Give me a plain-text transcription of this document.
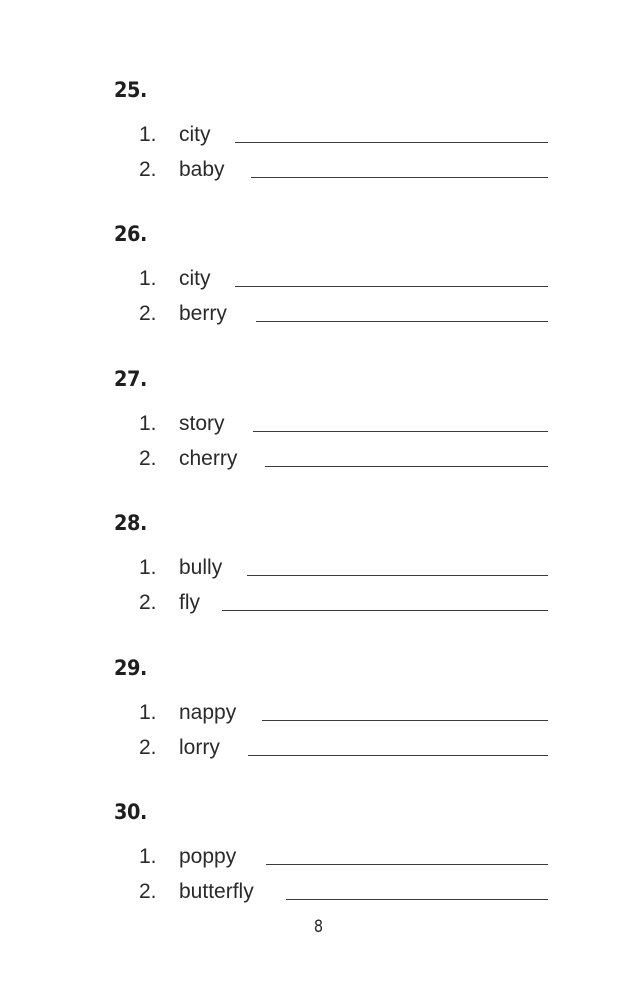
25.
1. city
2. baby
26.
1. city
2. berry
27.
1. story
2. cherry
28.
1. bully
2. fly
29.
1. nappy
2. lorry
30.
1. poppy
2. butterfly
8
